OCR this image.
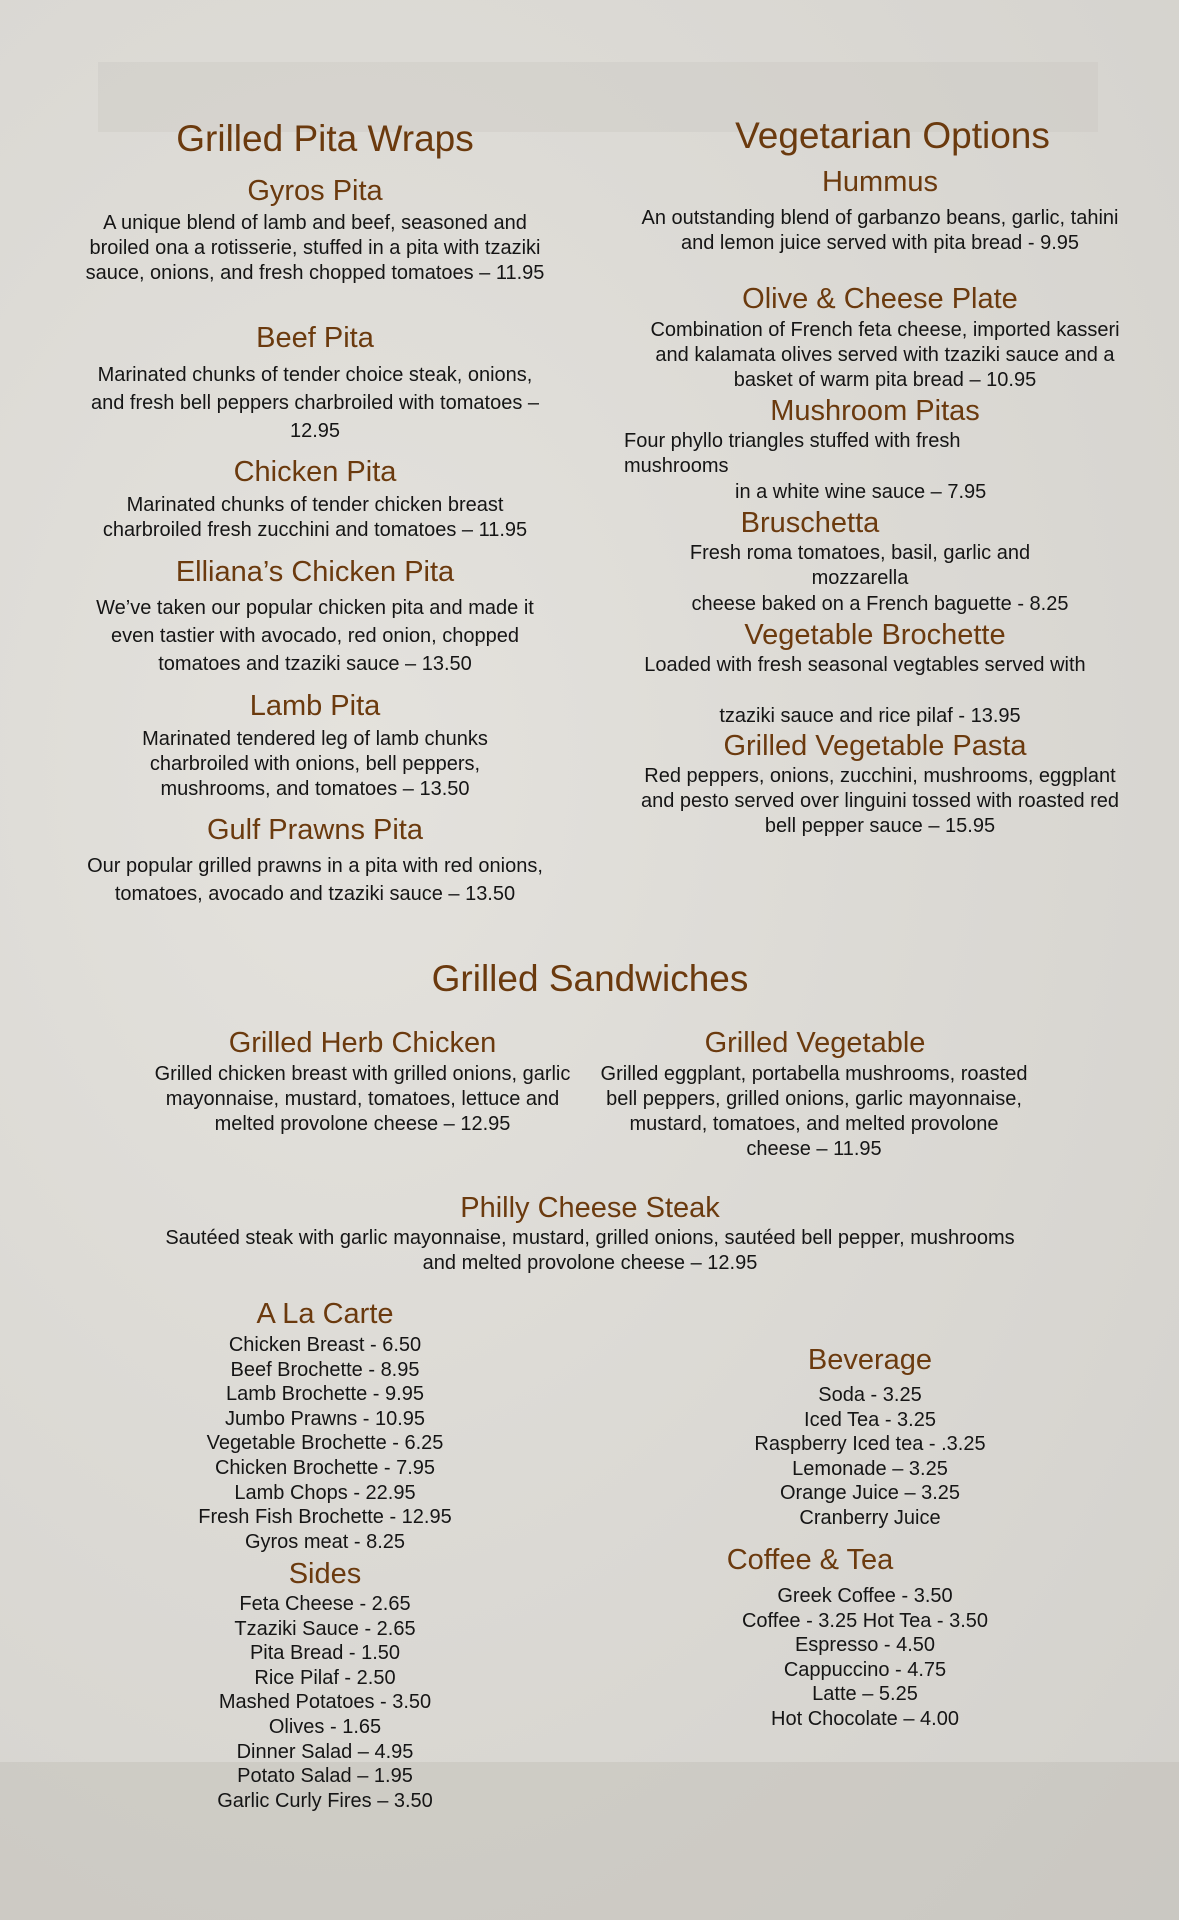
Grilled Pita Wraps
Gyros Pita
A unique blend of lamb and beef, seasoned and broiled ona a rotisserie, stuffed in a pita with tzaziki sauce, onions, and fresh chopped tomatoes – 11.95
Beef Pita
Marinated chunks of tender choice steak, onions, and fresh bell peppers charbroiled with tomatoes – 12.95
Chicken Pita
Marinated chunks of tender chicken breast charbroiled fresh zucchini and tomatoes – 11.95
Elliana’s Chicken Pita
We’ve taken our popular chicken pita and made it even tastier with avocado, red onion, chopped tomatoes and tzaziki sauce – 13.50
Lamb Pita
Marinated tendered leg of lamb chunks charbroiled with onions, bell peppers, mushrooms, and tomatoes – 13.50
Gulf Prawns Pita
Our popular grilled prawns in a pita with red onions, tomatoes, avocado and tzaziki sauce – 13.50
Vegetarian Options
Hummus
An outstanding blend of garbanzo beans, garlic, tahini and lemon juice served with pita bread - 9.95
Olive & Cheese Plate
Combination of French feta cheese, imported kasseri and kalamata olives served with tzaziki sauce and a basket of warm pita bread – 10.95
Mushroom Pitas
Four phyllo triangles stuffed with fresh mushrooms
in a white wine sauce – 7.95
Bruschetta
Fresh roma tomatoes, basil, garlic and mozzarella
cheese baked on a French baguette - 8.25
Vegetable Brochette
Loaded with fresh seasonal vegtables served with
tzaziki sauce and rice pilaf - 13.95
Grilled Vegetable Pasta
Red peppers, onions, zucchini, mushrooms, eggplant and pesto served over linguini tossed with roasted red bell pepper sauce – 15.95
Grilled Sandwiches
Grilled Herb Chicken
Grilled chicken breast with grilled onions, garlic mayonnaise, mustard, tomatoes, lettuce and melted provolone cheese – 12.95
Grilled Vegetable
Grilled eggplant, portabella mushrooms, roasted bell peppers, grilled onions, garlic mayonnaise, mustard, tomatoes, and melted provolone cheese – 11.95
Philly Cheese Steak
Sautéed steak with garlic mayonnaise, mustard, grilled onions, sautéed bell pepper, mushrooms and melted provolone cheese – 12.95
A La Carte
Chicken Breast - 6.50
Beef Brochette - 8.95
Lamb Brochette - 9.95
Jumbo Prawns - 10.95
Vegetable Brochette - 6.25
Chicken Brochette - 7.95
Lamb Chops - 22.95
Fresh Fish Brochette - 12.95
Gyros meat - 8.25
Sides
Feta Cheese - 2.65
Tzaziki Sauce - 2.65
Pita Bread - 1.50
Rice Pilaf - 2.50
Mashed Potatoes - 3.50
Olives - 1.65
Dinner Salad – 4.95
Potato Salad – 1.95
Garlic Curly Fires – 3.50
Beverage
Soda - 3.25
Iced Tea - 3.25
Raspberry Iced tea - .3.25
Lemonade – 3.25
Orange Juice – 3.25
Cranberry Juice
Coffee & Tea
Greek Coffee - 3.50
Coffee - 3.25 Hot Tea - 3.50
Espresso - 4.50
Cappuccino - 4.75
Latte – 5.25
Hot Chocolate – 4.00
